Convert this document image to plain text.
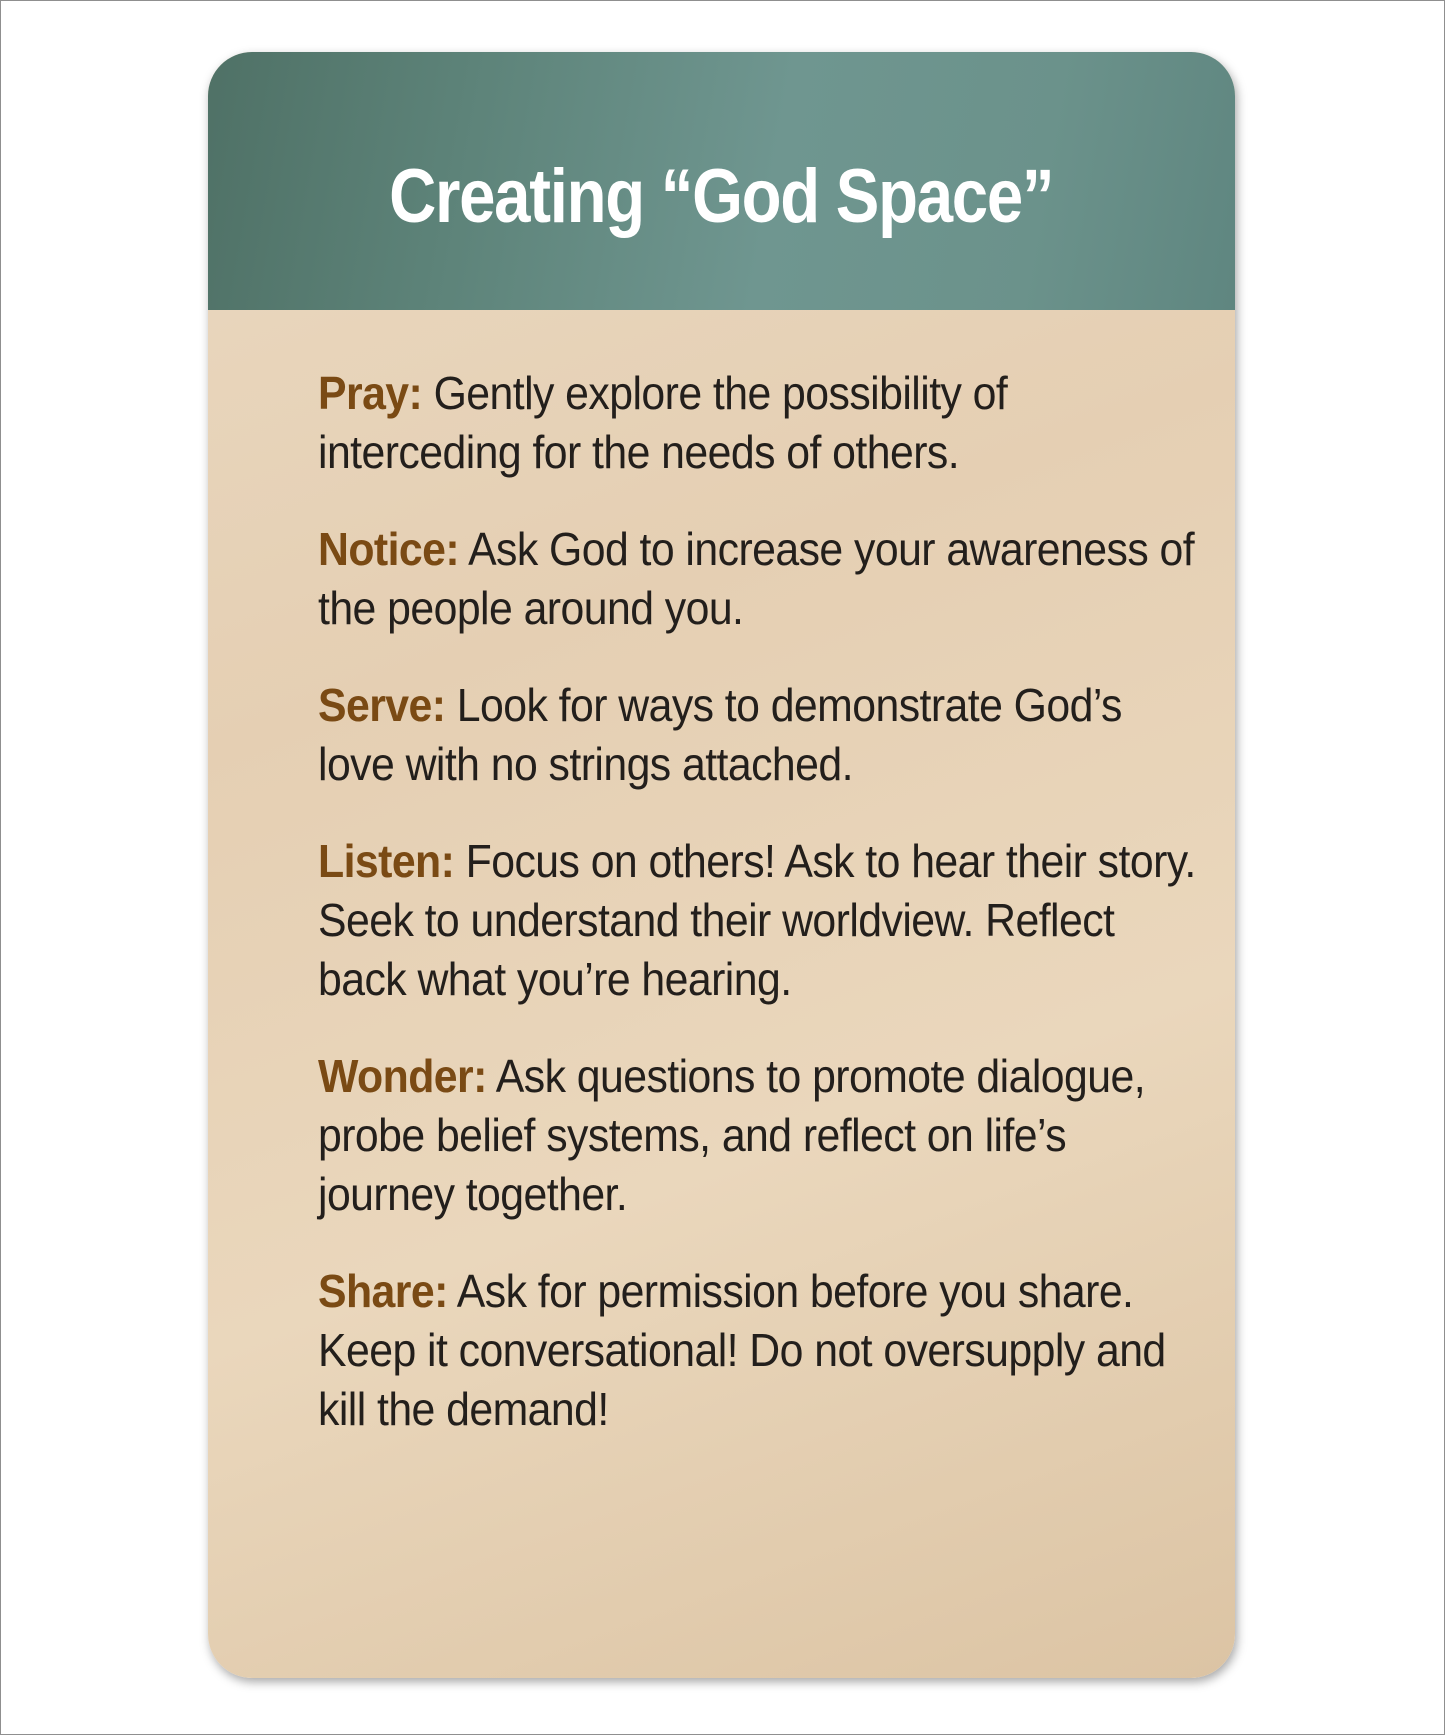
Creating “God Space”

Pray: Gently explore the possibility of interceding for the needs of others.

Notice: Ask God to increase your awareness of the people around you.

Serve: Look for ways to demonstrate God’s love with no strings attached.

Listen: Focus on others! Ask to hear their story. Seek to understand their worldview. Reflect back what you’re hearing.

Wonder: Ask questions to promote dialogue, probe belief systems, and reflect on life’s journey together.

Share: Ask for permission before you share. Keep it conversational! Do not oversupply and kill the demand!
